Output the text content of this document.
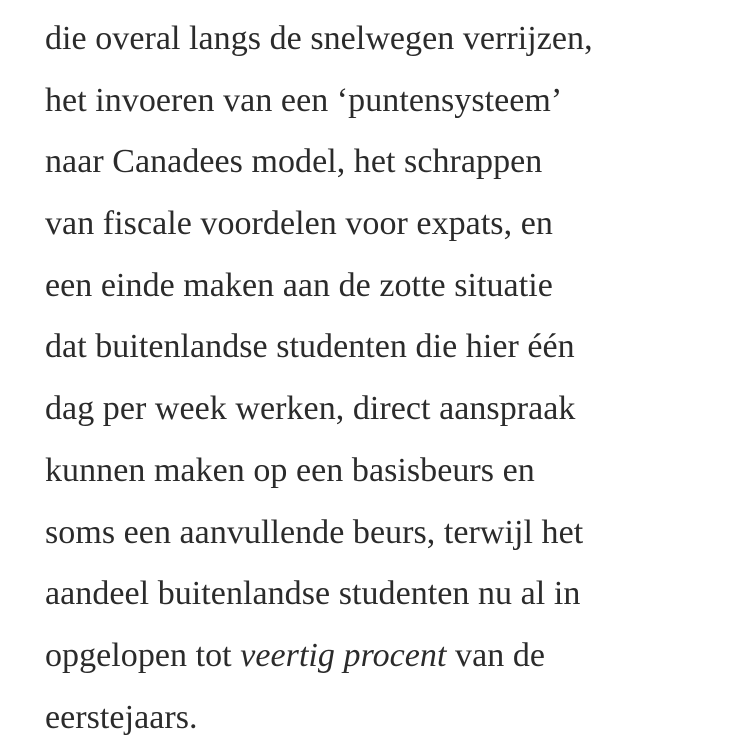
die overal langs de snelwegen verrijzen,
het invoeren van een ‘puntensysteem’
naar Canadees model, het schrappen
van fiscale voordelen voor expats, en
een einde maken aan de zotte situatie
dat buitenlandse studenten die hier één
dag per week werken, direct aanspraak
kunnen maken op een basisbeurs en
soms een aanvullende beurs, terwijl het
aandeel buitenlandse studenten nu al in
opgelopen tot veertig procent van de
eerstejaars.
